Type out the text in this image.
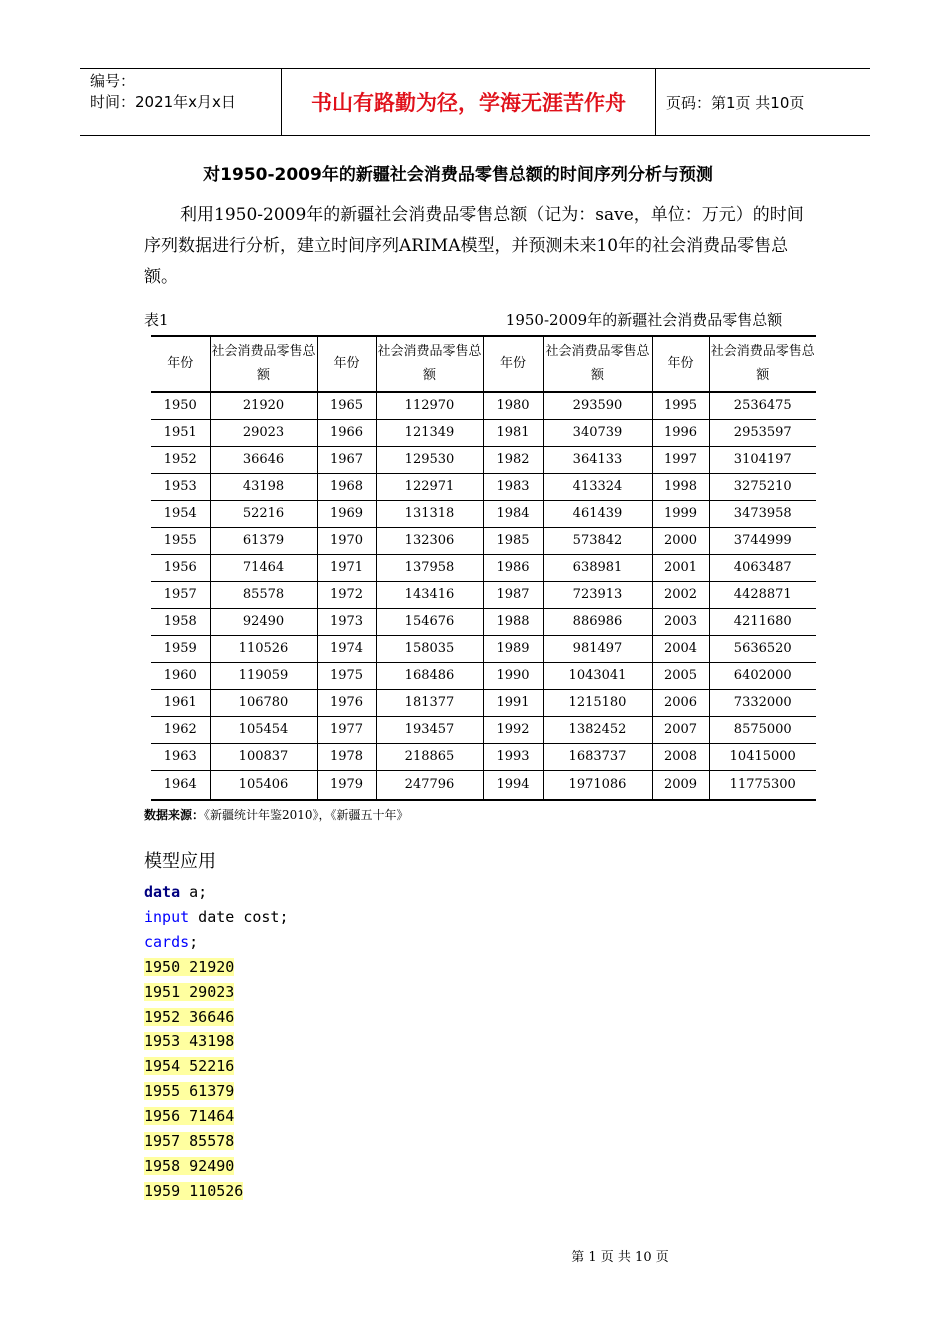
编号：
时间：2021年x月x日	书山有路勤为径，学海无涯苦作舟	页码：第1页 共10页
对1950-2009年的新疆社会消费品零售总额的时间序列分析与预测
利用1950-2009年的新疆社会消费品零售总额（记为：save，单位：万元）的时间序列数据进行分析，建立时间序列ARIMA模型，并预测未来10年的社会消费品零售总额。
表1	1950-2009年的新疆社会消费品零售总额
年份	社会消费品零售总额	年份	社会消费品零售总额	年份	社会消费品零售总额	年份	社会消费品零售总额
1950	21920	1965	112970	1980	293590	1995	2536475
1951	29023	1966	121349	1981	340739	1996	2953597
1952	36646	1967	129530	1982	364133	1997	3104197
1953	43198	1968	122971	1983	413324	1998	3275210
1954	52216	1969	131318	1984	461439	1999	3473958
1955	61379	1970	132306	1985	573842	2000	3744999
1956	71464	1971	137958	1986	638981	2001	4063487
1957	85578	1972	143416	1987	723913	2002	4428871
1958	92490	1973	154676	1988	886986	2003	4211680
1959	110526	1974	158035	1989	981497	2004	5636520
1960	119059	1975	168486	1990	1043041	2005	6402000
1961	106780	1976	181377	1991	1215180	2006	7332000
1962	105454	1977	193457	1992	1382452	2007	8575000
1963	100837	1978	218865	1993	1683737	2008	10415000
1964	105406	1979	247796	1994	1971086	2009	11775300
数据来源：《新疆统计年鉴2010》，《新疆五十年》
模型应用
data a;
input date cost;
cards;
1950 21920
1951 29023
1952 36646
1953 43198
1954 52216
1955 61379
1956 71464
1957 85578
1958 92490
1959 110526
第 1 页 共 10 页
